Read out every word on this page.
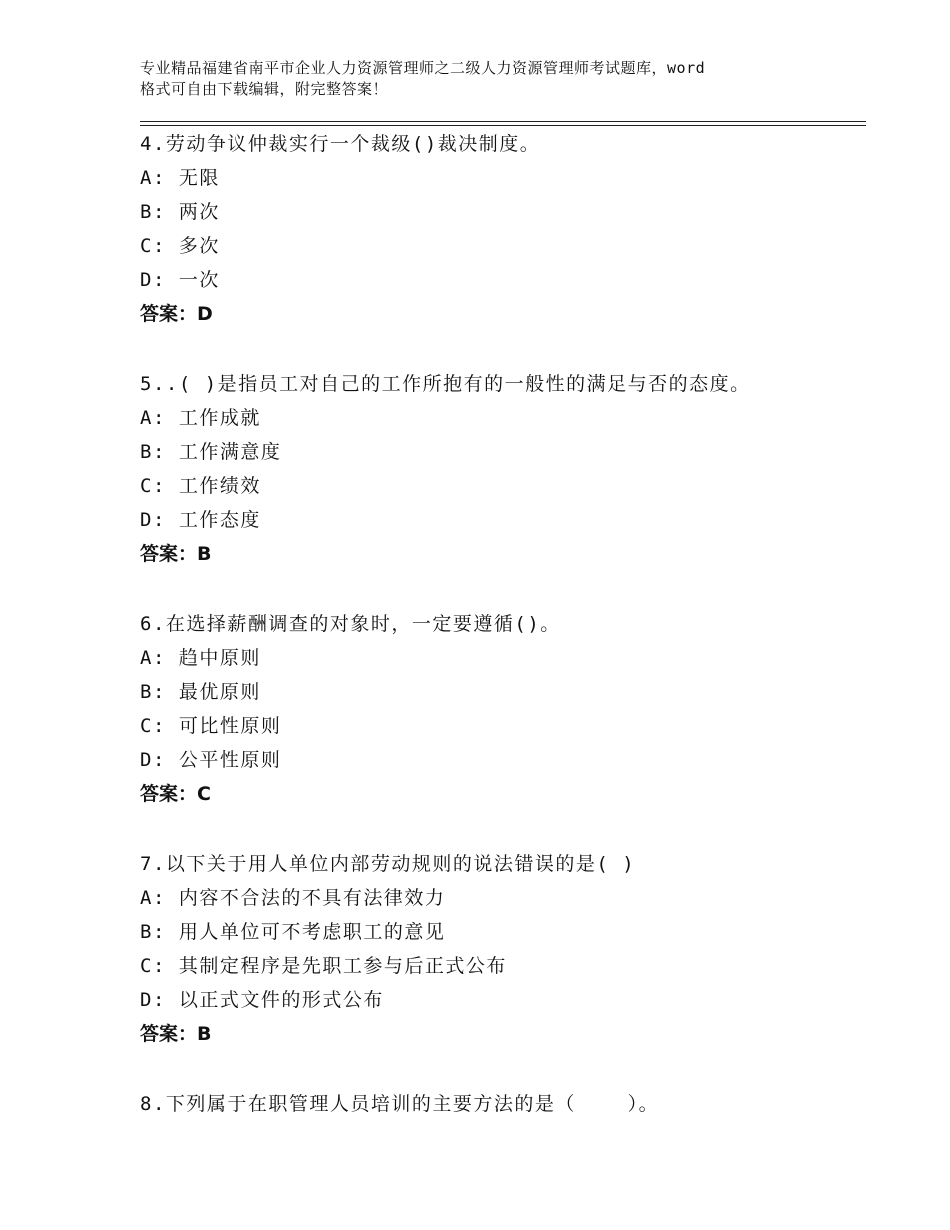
专业精品福建省南平市企业人力资源管理师之二级人力资源管理师考试题库，word
格式可自由下载编辑，附完整答案！
4.劳动争议仲裁实行一个裁级()裁决制度。
A: 无限
B: 两次
C: 多次
D: 一次
答案：D
5..( )是指员工对自己的工作所抱有的一般性的满足与否的态度。
A: 工作成就
B: 工作满意度
C: 工作绩效
D: 工作态度
答案：B
6.在选择薪酬调查的对象时，一定要遵循()。
A: 趋中原则
B: 最优原则
C: 可比性原则
D: 公平性原则
答案：C
7.以下关于用人单位内部劳动规则的说法错误的是( )
A: 内容不合法的不具有法律效力
B: 用人单位可不考虑职工的意见
C: 其制定程序是先职工参与后正式公布
D: 以正式文件的形式公布
答案：B
8.下列属于在职管理人员培训的主要方法的是（    ）。
